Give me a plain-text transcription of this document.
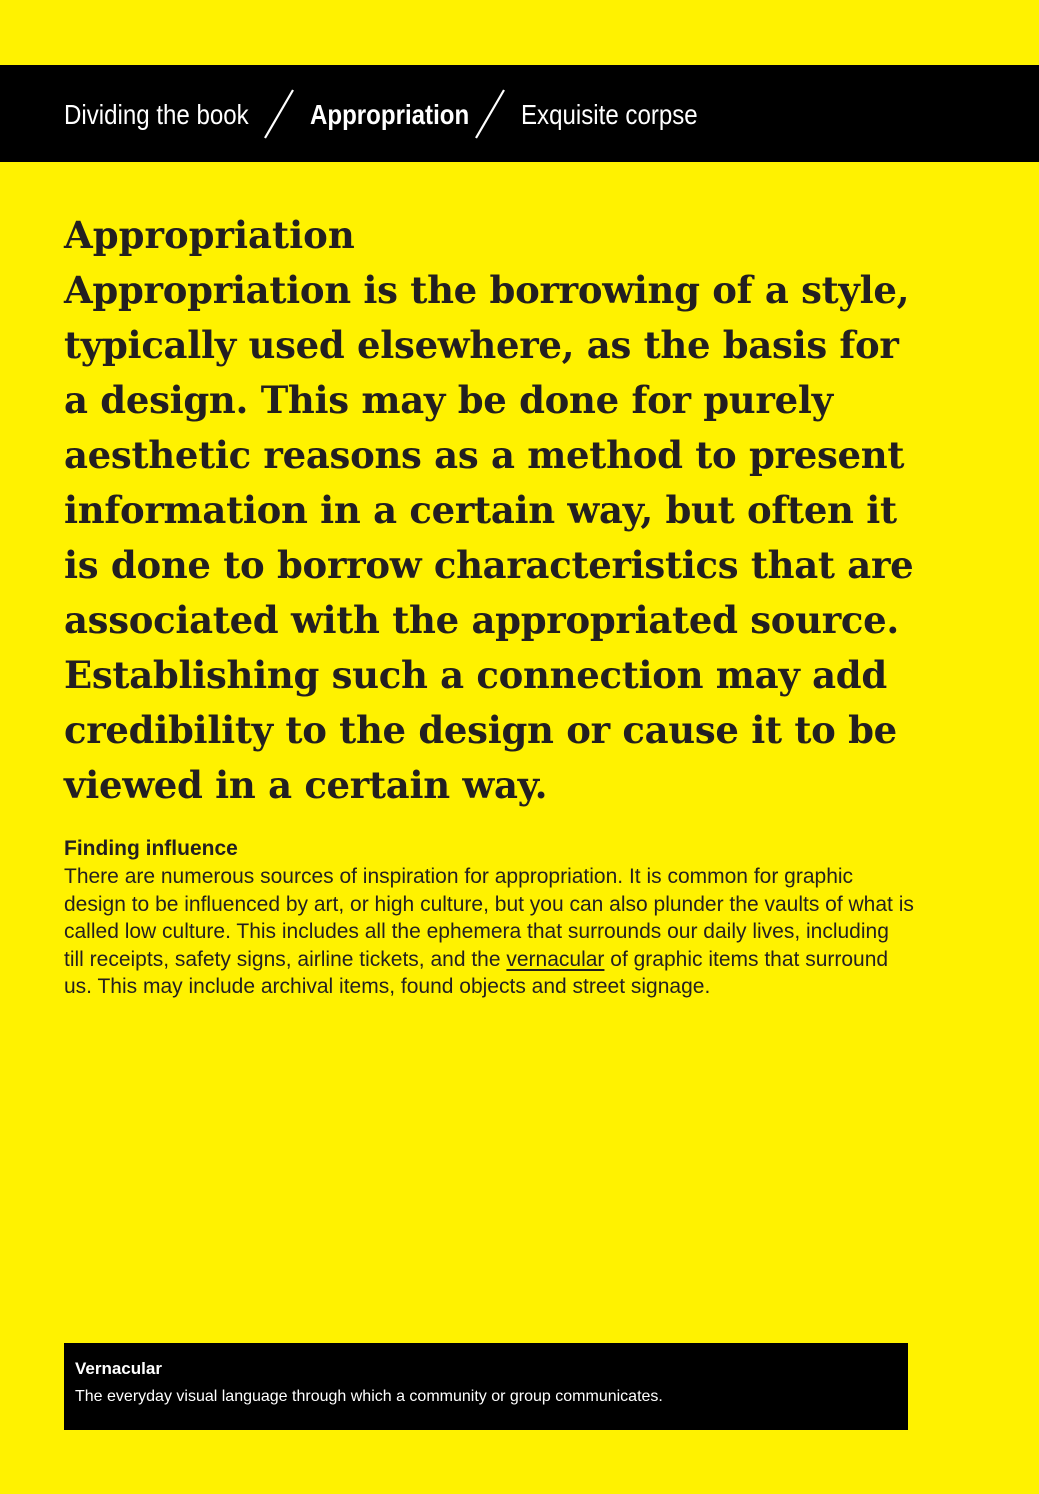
Dividing the book Appropriation Exquisite corpse
Appropriation

Appropriation is the borrowing of a style, typically used elsewhere, as the basis for a design. This may be done for purely aesthetic reasons as a method to present information in a certain way, but often it is done to borrow characteristics that are associated with the appropriated source. Establishing such a connection may add credibility to the design or cause it to be viewed in a certain way.

Finding influence

There are numerous sources of inspiration for appropriation. It is common for graphic design to be influenced by art, or high culture, but you can also plunder the vaults of what is called low culture. This includes all the ephemera that surrounds our daily lives, including till receipts, safety signs, airline tickets, and the vernacular of graphic items that surround us. This may include archival items, found objects and street signage.

Vernacular
The everyday visual language through which a community or group communicates.
